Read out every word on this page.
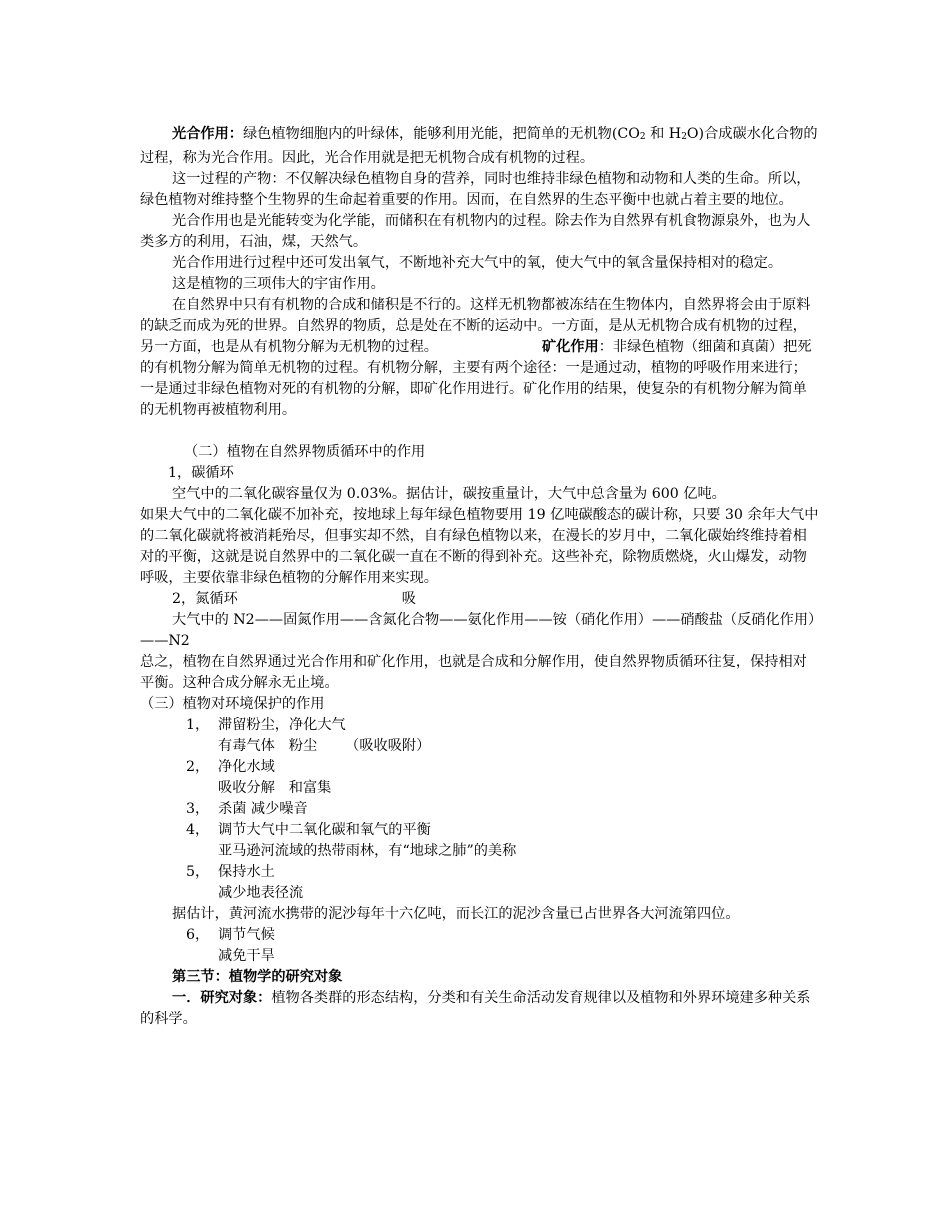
光合作用：绿色植物细胞内的叶绿体，能够利用光能，把简单的无机物($CO_2$ 和 $H_2O$)合成碳水化合物的过程，称为光合作用。因此，光合作用就是把无机物合成有机物的过程。

这一过程的产物：不仅解决绿色植物自身的营养，同时也维持非绿色植物和动物和人类的生命。所以，绿色植物对维持整个生物界的生命起着重要的作用。因而，在自然界的生态平衡中也就占着主要的地位。

光合作用也是光能转变为化学能，而储积在有机物内的过程。除去作为自然界有机食物源泉外，也为人类多方的利用，石油，煤，天然气。

光合作用进行过程中还可发出氧气，不断地补充大气中的氧，使大气中的氧含量保持相对的稳定。

这是植物的三项伟大的宇宙作用。

在自然界中只有有机物的合成和储积是不行的。这样无机物都被冻结在生物体内，自然界将会由于原料的缺乏而成为死的世界。自然界的物质，总是处在不断的运动中。一方面，是从无机物合成有机物的过程，另一方面，也是从有机物分解为无机物的过程。	矿化作用：非绿色植物（细菌和真菌）把死的有机物分解为简单无机物的过程。有机物分解，主要有两个途径：一是通过动，植物的呼吸作用来进行；一是通过非绿色植物对死的有机物的分解，即矿化作用进行。矿化作用的结果，使复杂的有机物分解为简单的无机物再被植物利用。

（二）植物在自然界物质循环中的作用

1，碳循环

空气中的二氧化碳容量仅为 0.03%。据估计，碳按重量计，大气中总含量为 600 亿吨。

如果大气中的二氧化碳不加补充，按地球上每年绿色植物要用 19 亿吨碳酸态的碳计称，只要 30 余年大气中的二氧化碳就将被消耗殆尽，但事实却不然，自有绿色植物以来，在漫长的岁月中，二氧化碳始终维持着相对的平衡，这就是说自然界中的二氧化碳一直在不断的得到补充。这些补充，除物质燃烧，火山爆发，动物呼吸，主要依靠非绿色植物的分解作用来实现。

2，氮循环	吸

大气中的 N2——固氮作用——含氮化合物——氨化作用——铵（硝化作用）——硝酸盐（反硝化作用）——N2

总之，植物在自然界通过光合作用和矿化作用，也就是合成和分解作用，使自然界物质循环往复，保持相对平衡。这种合成分解永无止境。

（三）植物对环境保护的作用

1， 滞留粉尘，净化大气

有毒气体 粉尘 （吸收吸附）

2， 净化水域

吸收分解 和富集

3， 杀菌 减少噪音

4， 调节大气中二氧化碳和氧气的平衡

亚马逊河流域的热带雨林，有“地球之肺”的美称

5， 保持水土

减少地表径流

据估计，黄河流水携带的泥沙每年十六亿吨，而长江的泥沙含量已占世界各大河流第四位。

6， 调节气候

减免干旱

第三节：植物学的研究对象

一．研究对象：植物各类群的形态结构，分类和有关生命活动发育规律以及植物和外界环境建多种关系的科学。
